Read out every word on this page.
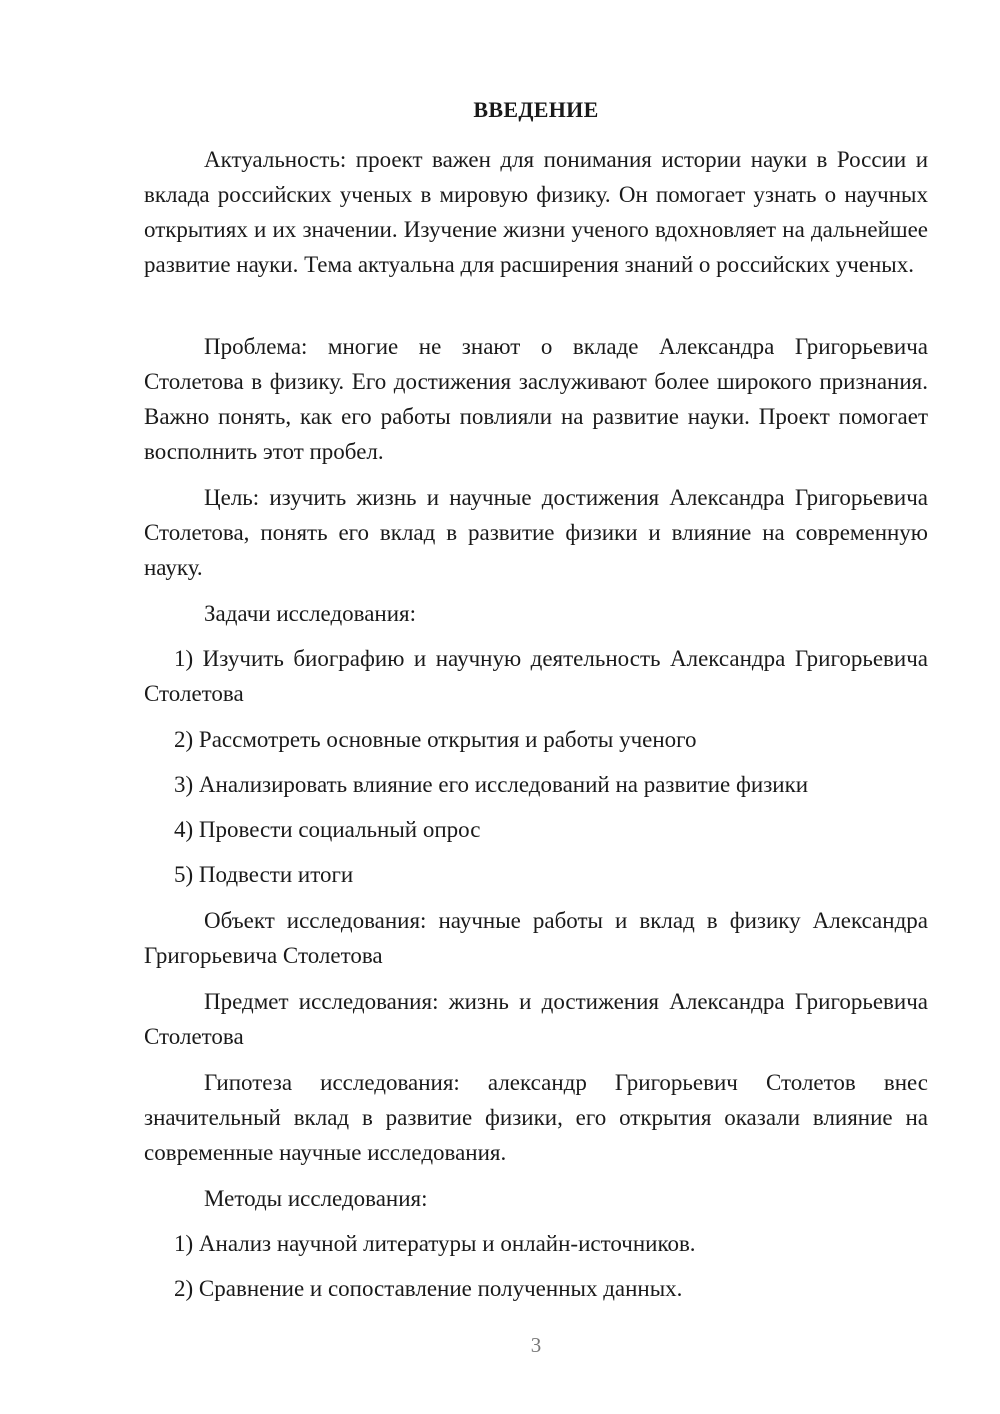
ВВЕДЕНИЕ

Актуальность: проект важен для понимания истории науки в России и вклада российских ученых в мировую физику. Он помогает узнать о научных открытиях и их значении. Изучение жизни ученого вдохновляет на дальнейшее развитие науки. Тема актуальна для расширения знаний о российских ученых.

Проблема: многие не знают о вкладе Александра Григорьевича Столетова в физику. Его достижения заслуживают более широкого признания. Важно понять, как его работы повлияли на развитие науки. Проект помогает восполнить этот пробел.

Цель: изучить жизнь и научные достижения Александра Григорьевича Столетова, понять его вклад в развитие физики и влияние на современную науку.

Задачи исследования:

1) Изучить биографию и научную деятельность Александра Григорьевича Столетова

2) Рассмотреть основные открытия и работы ученого

3) Анализировать влияние его исследований на развитие физики

4) Провести социальный опрос

5) Подвести итоги

Объект исследования: научные работы и вклад в физику Александра Григорьевича Столетова

Предмет исследования: жизнь и достижения Александра Григорьевича Столетова

Гипотеза исследования: александр Григорьевич Столетов внес значительный вклад в развитие физики, его открытия оказали влияние на современные научные исследования.

Методы исследования:

1) Анализ научной литературы и онлайн-источников.

2) Сравнение и сопоставление полученных данных.

3
